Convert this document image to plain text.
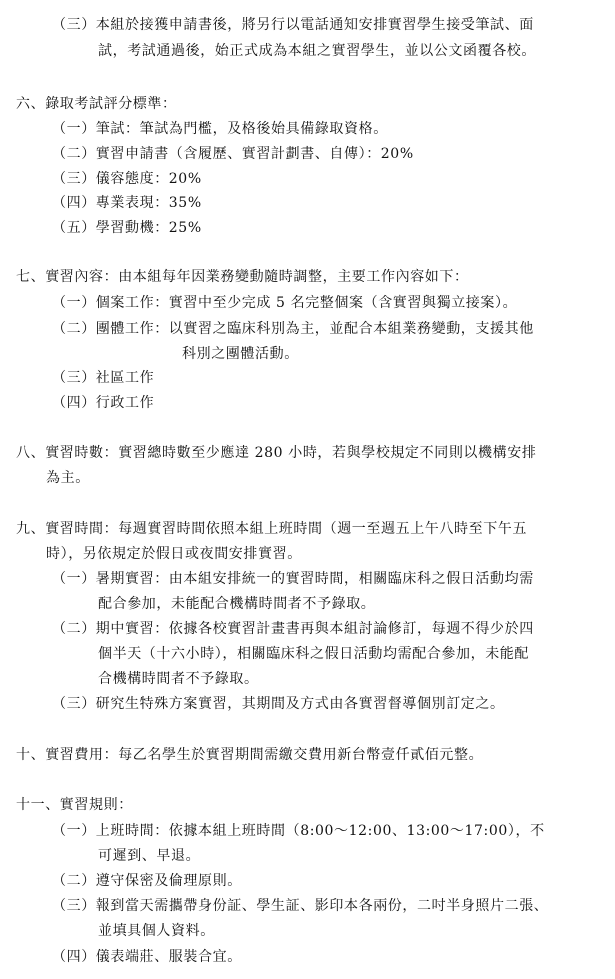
（三）本組於接獲申請書後，將另行以電話通知安排實習學生接受筆試、面
試，考試通過後，始正式成為本組之實習學生，並以公文函覆各校。
六、錄取考試評分標準：
（一）筆試：筆試為門檻，及格後始具備錄取資格。
（二）實習申請書（含履歷、實習計劃書、自傳）：20%
（三）儀容態度：20%
（四）專業表現：35%
（五）學習動機：25%
七、實習內容：由本組每年因業務變動隨時調整，主要工作內容如下：
（一）個案工作：實習中至少完成 5 名完整個案（含實習與獨立接案）。
（二）團體工作：以實習之臨床科別為主，並配合本組業務變動，支援其他
科別之團體活動。
（三）社區工作
（四）行政工作
八、實習時數：實習總時數至少應達 280 小時，若與學校規定不同則以機構安排
為主。
九、實習時間：每週實習時間依照本組上班時間（週一至週五上午八時至下午五
時），另依規定於假日或夜間安排實習。
（一）暑期實習：由本組安排統一的實習時間，相關臨床科之假日活動均需
配合參加，未能配合機構時間者不予錄取。
（二）期中實習：依據各校實習計畫書再與本組討論修訂，每週不得少於四
個半天（十六小時），相關臨床科之假日活動均需配合參加，未能配
合機構時間者不予錄取。
（三）研究生特殊方案實習，其期間及方式由各實習督導個別訂定之。
十、實習費用：每乙名學生於實習期間需繳交費用新台幣壹仟貳佰元整。
十一、實習規則：
（一）上班時間：依據本組上班時間（8:00～12:00、13:00～17:00），不
可遲到、早退。
（二）遵守保密及倫理原則。
（三）報到當天需攜帶身份証、學生証、影印本各兩份，二吋半身照片二張、
並填具個人資料。
（四）儀表端莊、服裝合宜。
